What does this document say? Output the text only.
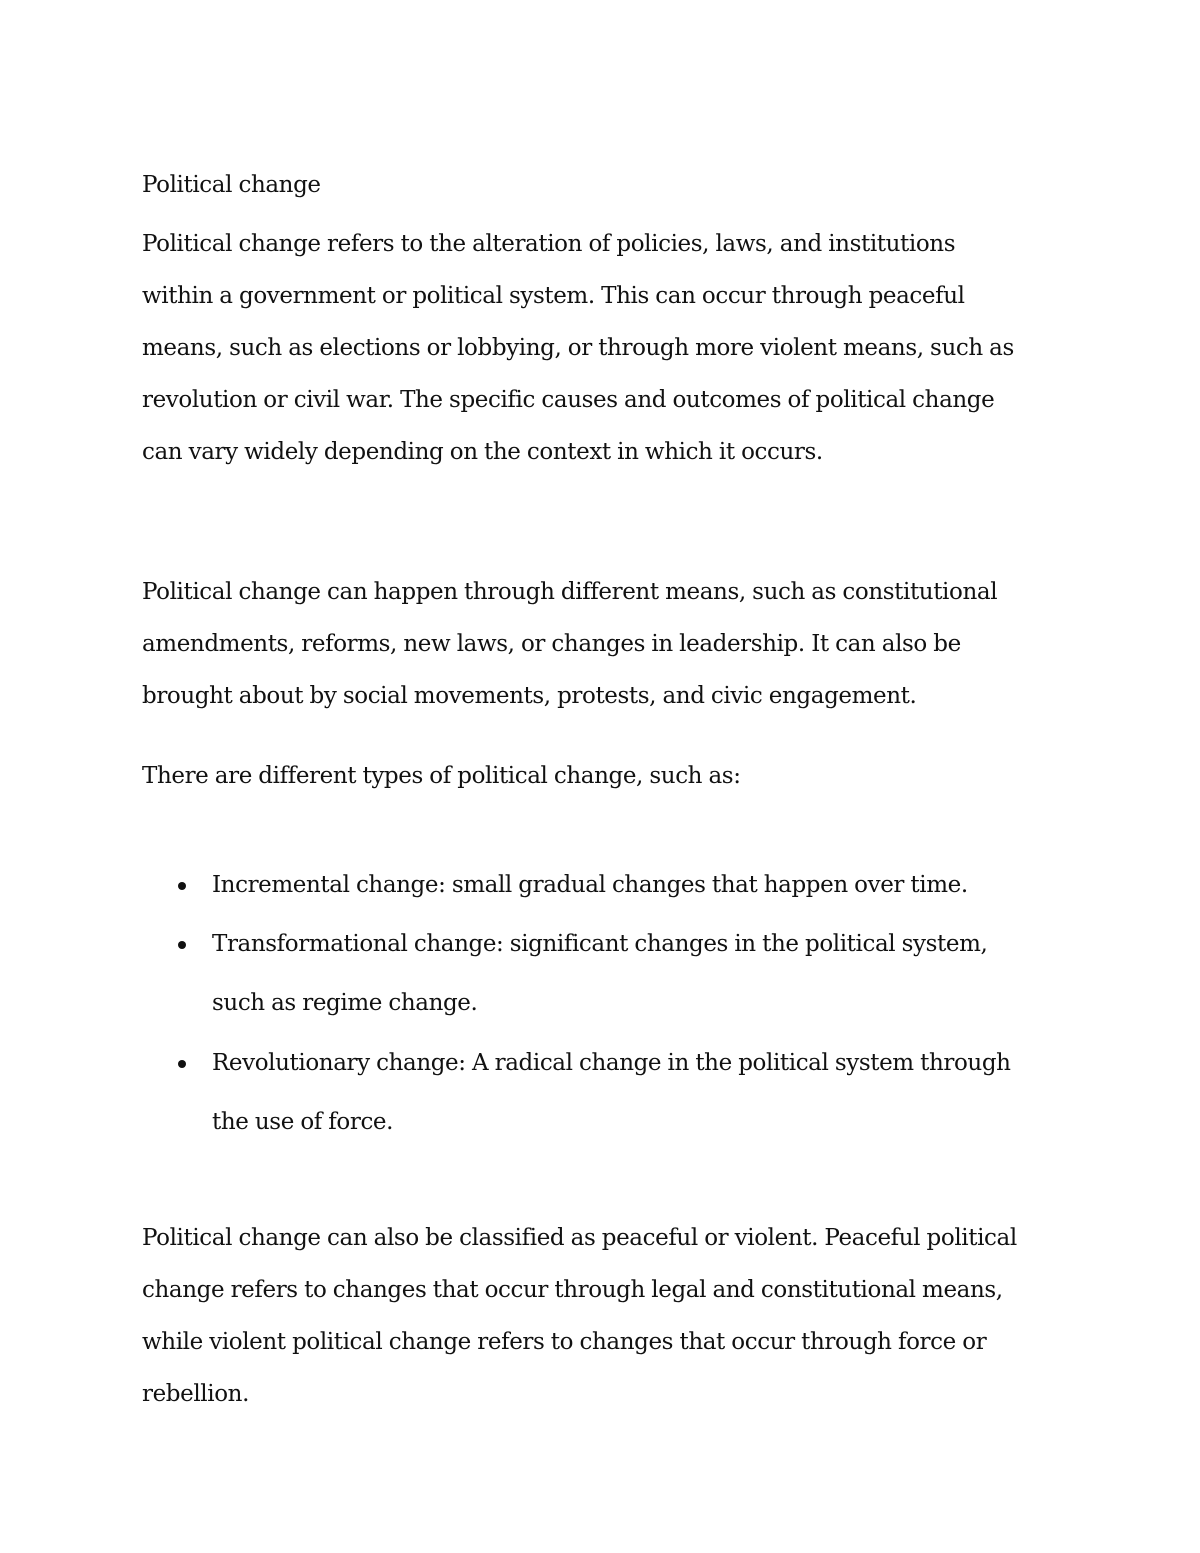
Political change

Political change refers to the alteration of policies, laws, and institutions

within a government or political system. This can occur through peaceful

means, such as elections or lobbying, or through more violent means, such as

revolution or civil war. The specific causes and outcomes of political change

can vary widely depending on the context in which it occurs.

Political change can happen through different means, such as constitutional

amendments, reforms, new laws, or changes in leadership. It can also be

brought about by social movements, protests, and civic engagement.

There are different types of political change, such as:

Incremental change: small gradual changes that happen over time.

Transformational change: significant changes in the political system,

such as regime change.

Revolutionary change: A radical change in the political system through

the use of force.

Political change can also be classified as peaceful or violent. Peaceful political

change refers to changes that occur through legal and constitutional means,

while violent political change refers to changes that occur through force or

rebellion.
